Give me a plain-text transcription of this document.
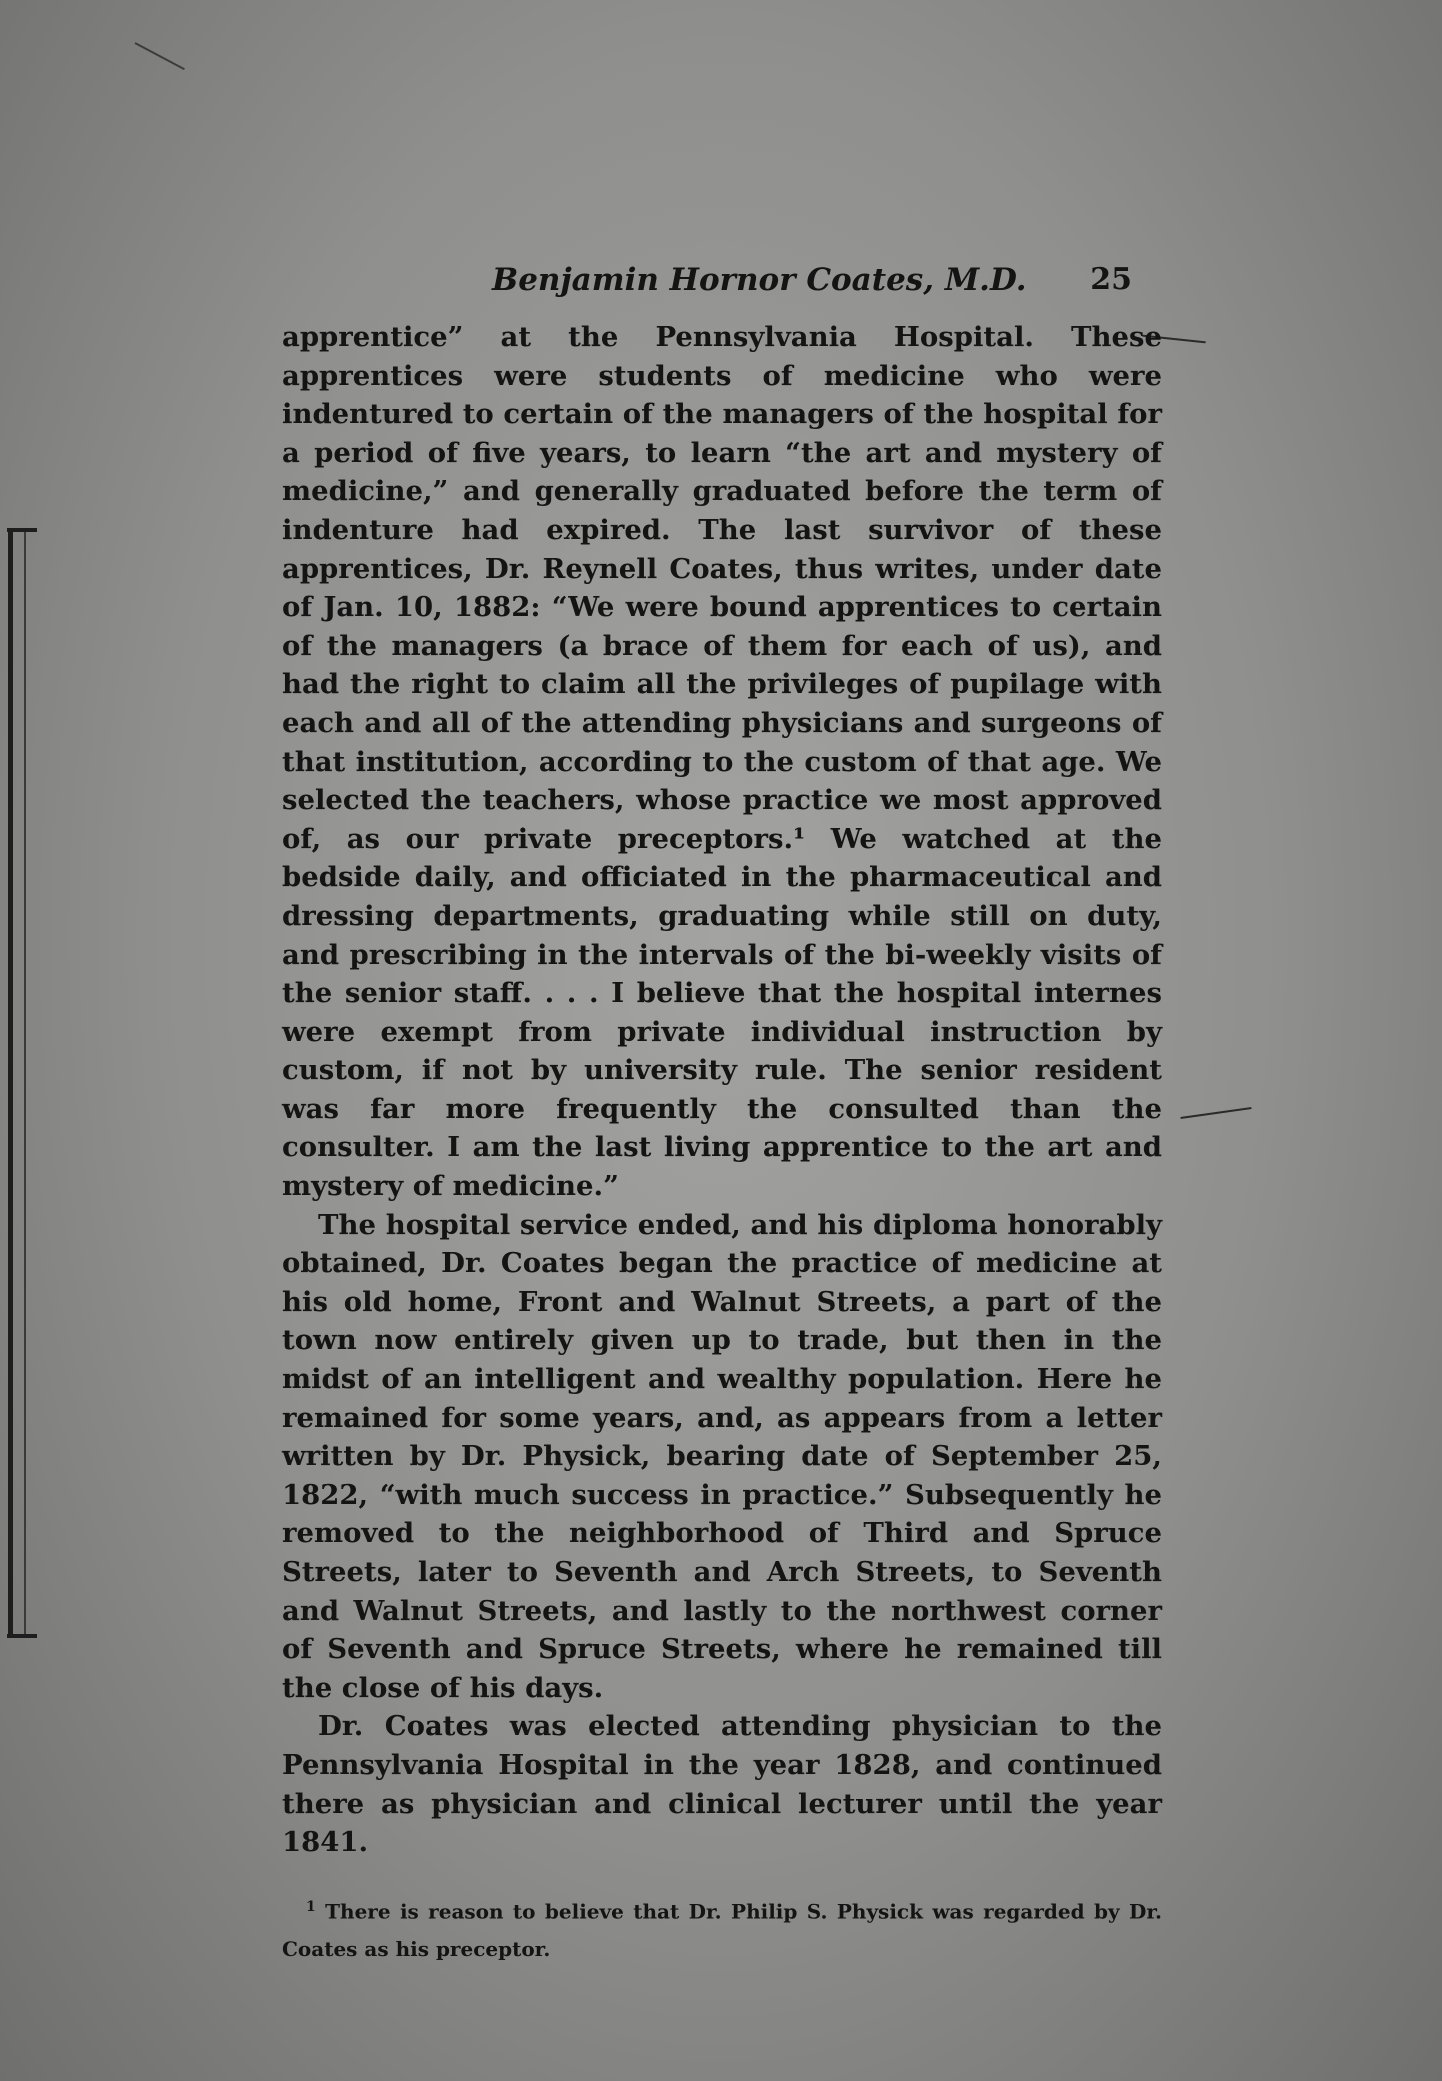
Benjamin Hornor Coates, M.D. 25

apprentice” at the Pennsylvania Hospital. These apprentices were students of medicine who were indentured to certain of the managers of the hospital for a period of five years, to learn “the art and mystery of medicine,” and generally graduated before the term of indenture had expired. The last survivor of these apprentices, Dr. Reynell Coates, thus writes, under date of Jan. 10, 1882: “We were bound apprentices to certain of the managers (a brace of them for each of us), and had the right to claim all the privileges of pupilage with each and all of the attending physicians and surgeons of that institution, according to the custom of that age. We selected the teachers, whose practice we most approved of, as our private preceptors.¹ We watched at the bedside daily, and officiated in the pharmaceutical and dressing departments, graduating while still on duty, and prescribing in the intervals of the bi-weekly visits of the senior staff. . . . I believe that the hospital internes were exempt from private individual instruction by custom, if not by university rule. The senior resident was far more frequently the consulted than the consulter. I am the last living apprentice to the art and mystery of medicine.”

The hospital service ended, and his diploma honorably obtained, Dr. Coates began the practice of medicine at his old home, Front and Walnut Streets, a part of the town now entirely given up to trade, but then in the midst of an intelligent and wealthy population. Here he remained for some years, and, as appears from a letter written by Dr. Physick, bearing date of September 25, 1822, “with much success in practice.” Subsequently he removed to the neighborhood of Third and Spruce Streets, later to Seventh and Arch Streets, to Seventh and Walnut Streets, and lastly to the northwest corner of Seventh and Spruce Streets, where he remained till the close of his days.

Dr. Coates was elected attending physician to the Pennsylvania Hospital in the year 1828, and continued there as physician and clinical lecturer until the year 1841.

$^1$ There is reason to believe that Dr. Philip S. Physick was regarded by Dr. Coates as his preceptor.
